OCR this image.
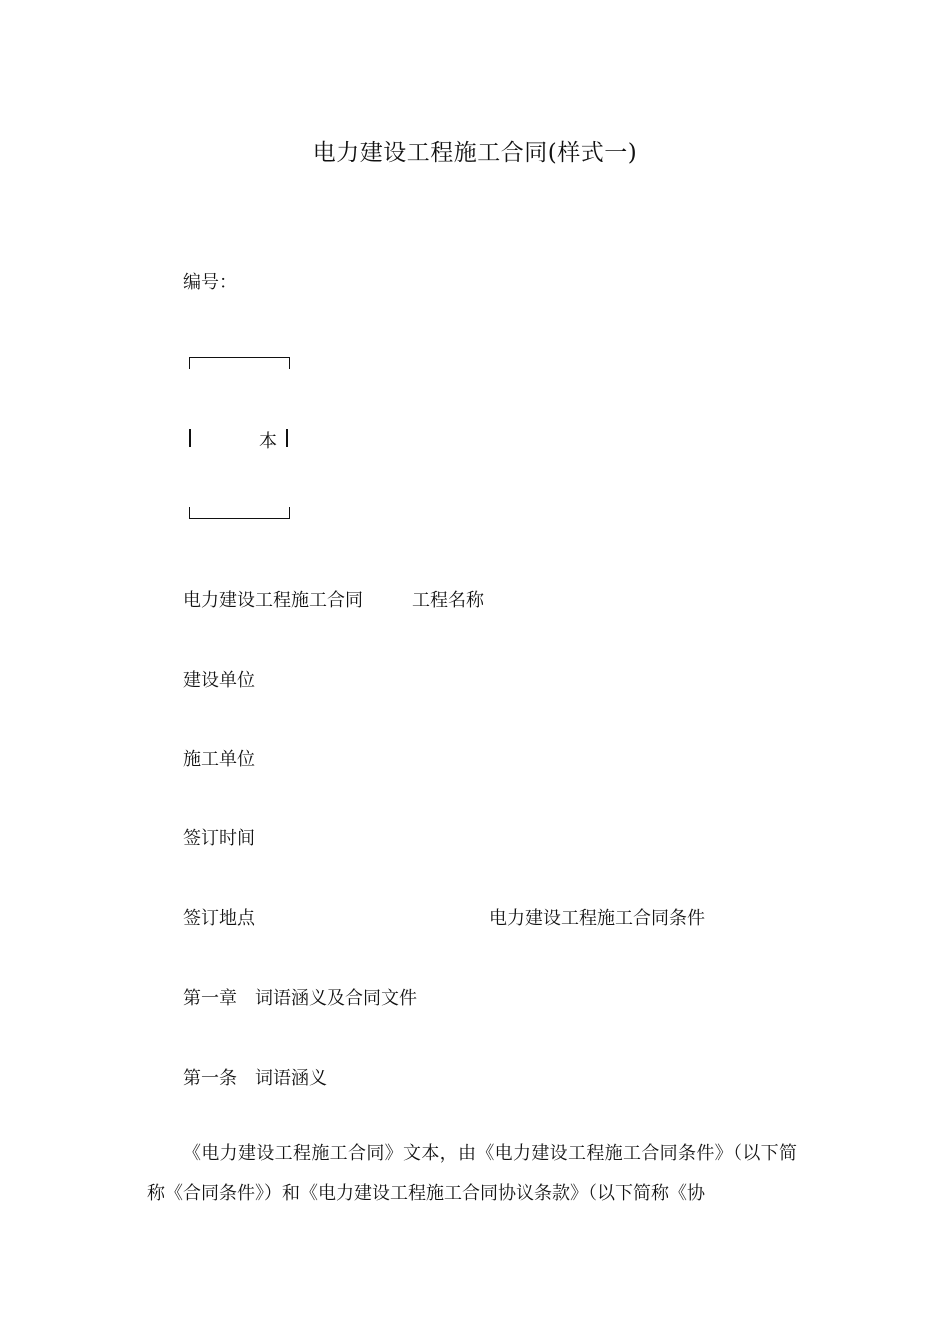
电力建设工程施工合同(样式一)
编号：
本
电力建设工程施工合同	工程名称
建设单位
施工单位
签订时间
签订地点	电力建设工程施工合同条件
第一章　词语涵义及合同文件
第一条　词语涵义
《电力建设工程施工合同》文本，由《电力建设工程施工合同条件》（以下简称《合同条件》）和《电力建设工程施工合同协议条款》（以下简称《协
